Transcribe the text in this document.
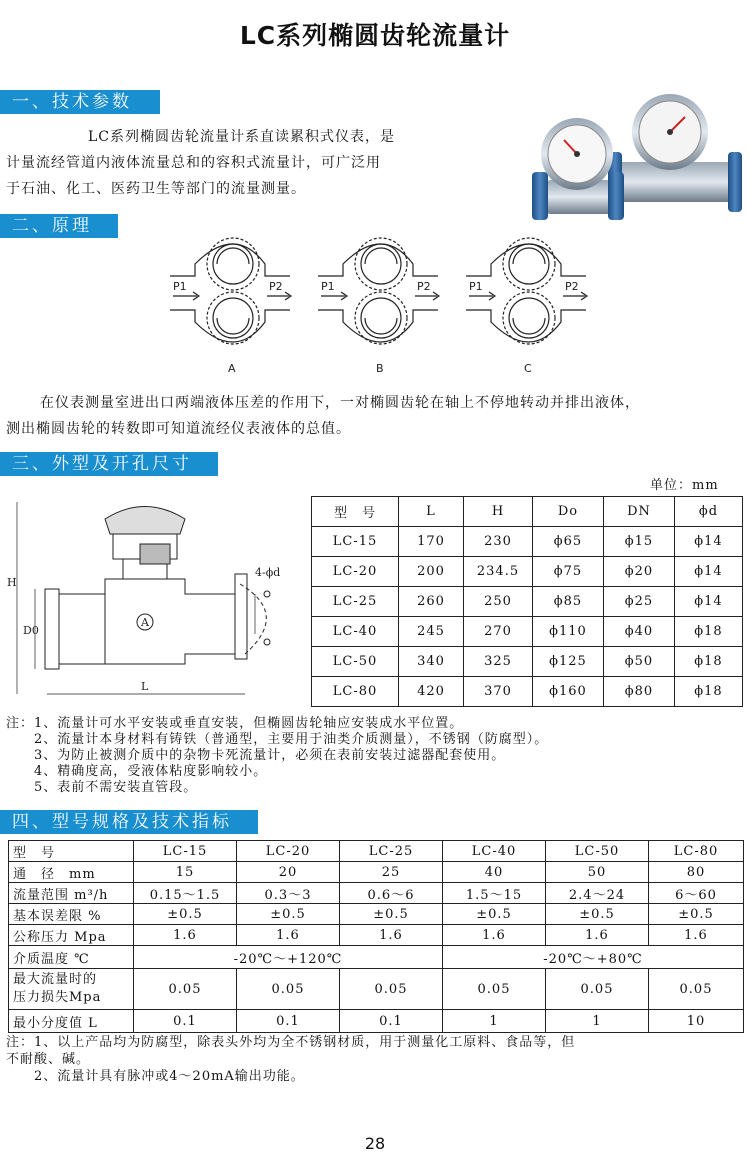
LC系列椭圆齿轮流量计
一、技术参数
LC系列椭圆齿轮流量计系直读累积式仪表，是
计量流经管道内液体流量总和的容积式流量计，可广泛用
于石油、化工、医药卫生等部门的流量测量。
二、原理
P1	P2	P1	P2	P1	P2
A	B	C
在仪表测量室进出口两端液体压差的作用下，一对椭圆齿轮在轴上不停地转动并排出液体，
测出椭圆齿轮的转数即可知道流经仪表液体的总值。
三、外型及开孔尺寸
单位：mm
H
D0
L
4-ϕd
A
型　号	L	H	Do	DN	ϕd
LC-15	170	230	ϕ65	ϕ15	ϕ14
LC-20	200	234.5	ϕ75	ϕ20	ϕ14
LC-25	260	250	ϕ85	ϕ25	ϕ14
LC-40	245	270	ϕ110	ϕ40	ϕ18
LC-50	340	325	ϕ125	ϕ50	ϕ18
LC-80	420	370	ϕ160	ϕ80	ϕ18
注：1、流量计可水平安装或垂直安装，但椭圆齿轮轴应安装成水平位置。
　　2、流量计本身材料有铸铁（普通型，主要用于油类介质测量），不锈钢（防腐型）。
　　3、为防止被测介质中的杂物卡死流量计，必须在表前安装过滤器配套使用。
　　4、精确度高，受液体粘度影响较小。
　　5、表前不需安装直管段。
四、型号规格及技术指标
型　号	LC-15	LC-20	LC-25	LC-40	LC-50	LC-80
通　径　mm	15	20	25	40	50	80
流量范围 m³/h	0.15～1.5	0.3～3	0.6～6	1.5～15	2.4～24	6～60
基本误差限 %	±0.5	±0.5	±0.5	±0.5	±0.5	±0.5
公称压力 Mpa	1.6	1.6	1.6	1.6	1.6	1.6
介质温度 ℃	-20℃～+120℃			-20℃～+80℃		

最大流量时的
压力损失Mpa	0.05	0.05	0.05	0.05	0.05	0.05
最小分度值 L	0.1	0.1	0.1	1	1	10
注：1、以上产品均为防腐型，除表头外均为全不锈钢材质，用于测量化工原料、食品等，但
不耐酸、碱。
　　2、流量计具有脉冲或4～20mA输出功能。
28
